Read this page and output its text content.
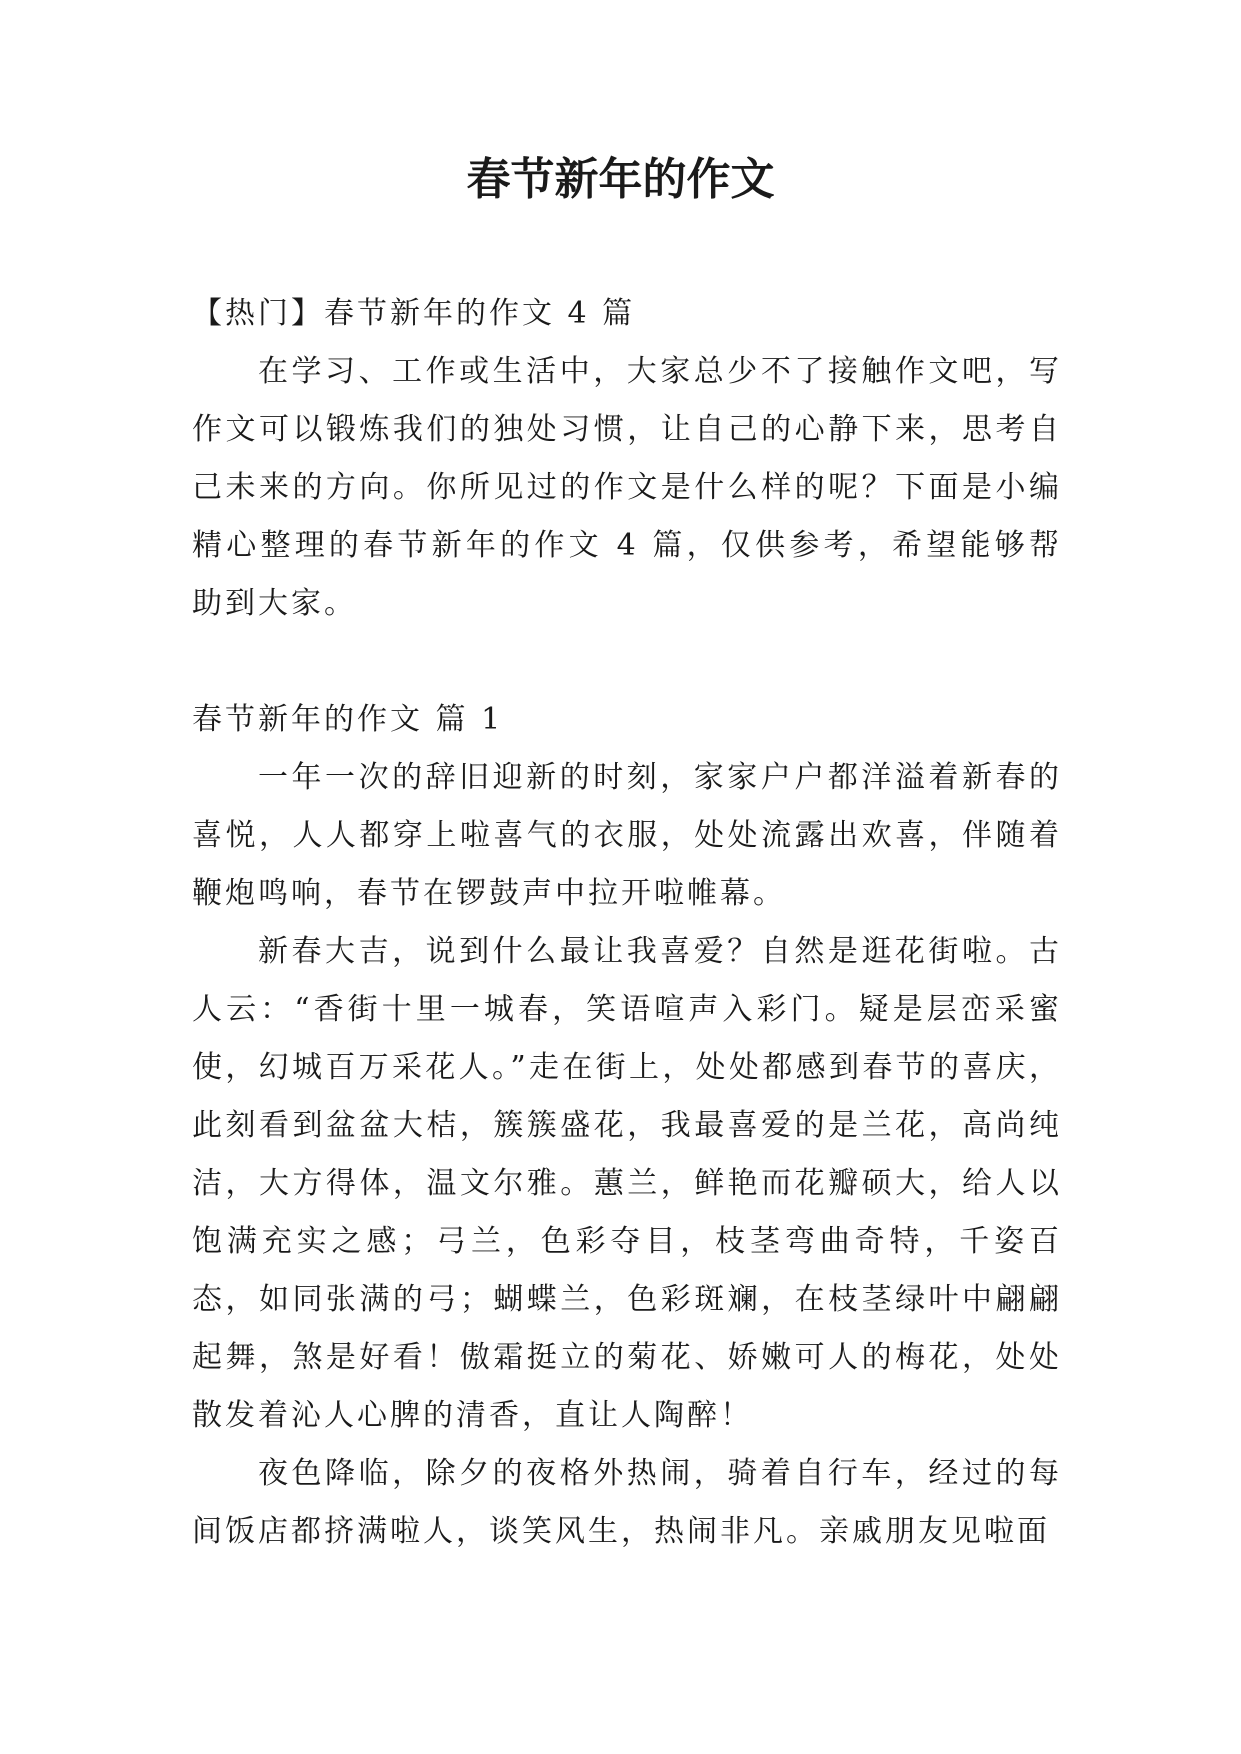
春节新年的作文

【热门】春节新年的作文 4 篇

在学习、工作或生活中，大家总少不了接触作文吧，写作文可以锻炼我们的独处习惯，让自己的心静下来，思考自己未来的方向。你所见过的作文是什么样的呢？下面是小编精心整理的春节新年的作文 4 篇，仅供参考，希望能够帮助到大家。

春节新年的作文 篇 1

一年一次的辞旧迎新的时刻，家家户户都洋溢着新春的喜悦，人人都穿上啦喜气的衣服，处处流露出欢喜，伴随着鞭炮鸣响，春节在锣鼓声中拉开啦帷幕。

新春大吉，说到什么最让我喜爱？自然是逛花街啦。古人云：“香街十里一城春，笑语喧声入彩门。疑是层峦采蜜使，幻城百万采花人。”走在街上，处处都感到春节的喜庆，此刻看到盆盆大桔，簇簇盛花，我最喜爱的是兰花，高尚纯洁，大方得体，温文尔雅。蕙兰，鲜艳而花瓣硕大，给人以饱满充实之感；弓兰，色彩夺目，枝茎弯曲奇特，千姿百态，如同张满的弓；蝴蝶兰，色彩斑斓，在枝茎绿叶中翩翩起舞，煞是好看！傲霜挺立的菊花、娇嫩可人的梅花，处处散发着沁人心脾的清香，直让人陶醉！

夜色降临，除夕的夜格外热闹，骑着自行车，经过的每间饭店都挤满啦人，谈笑风生，热闹非凡。亲戚朋友见啦面
